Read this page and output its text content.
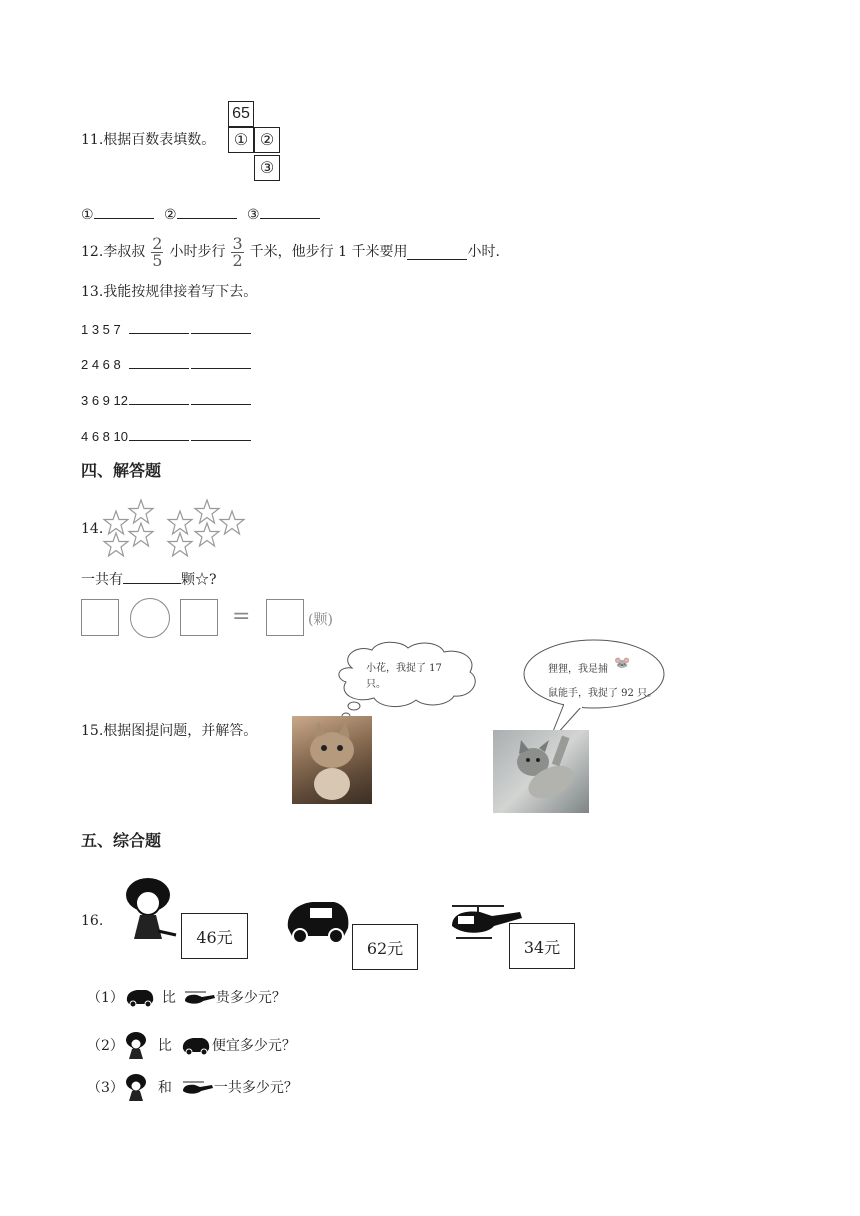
11.根据百数表填数。
65
① ②
③
①	②	③
12.李叔叔 $\frac{2}{5}$ 小时步行 $\frac{3}{2}$ 千米，他步行 1 千米要用	小时.
13.我能按规律接着写下去。
1 3 5 7
2 4 6 8
3 6 9 12
4 6 8 10
四、解答题
14.
一共有	颗☆?
=	(颗)
15.根据图提问题，并解答。
小花，我捉了 17
只。
狸狸，我是捕 🐭
鼠能手，我捉了 92 只。
五、综合题
16.
46元
62元	34元
（1）	比	贵多少元？
（2） 比	便宜多少元？
（3） 和	一共多少元？
